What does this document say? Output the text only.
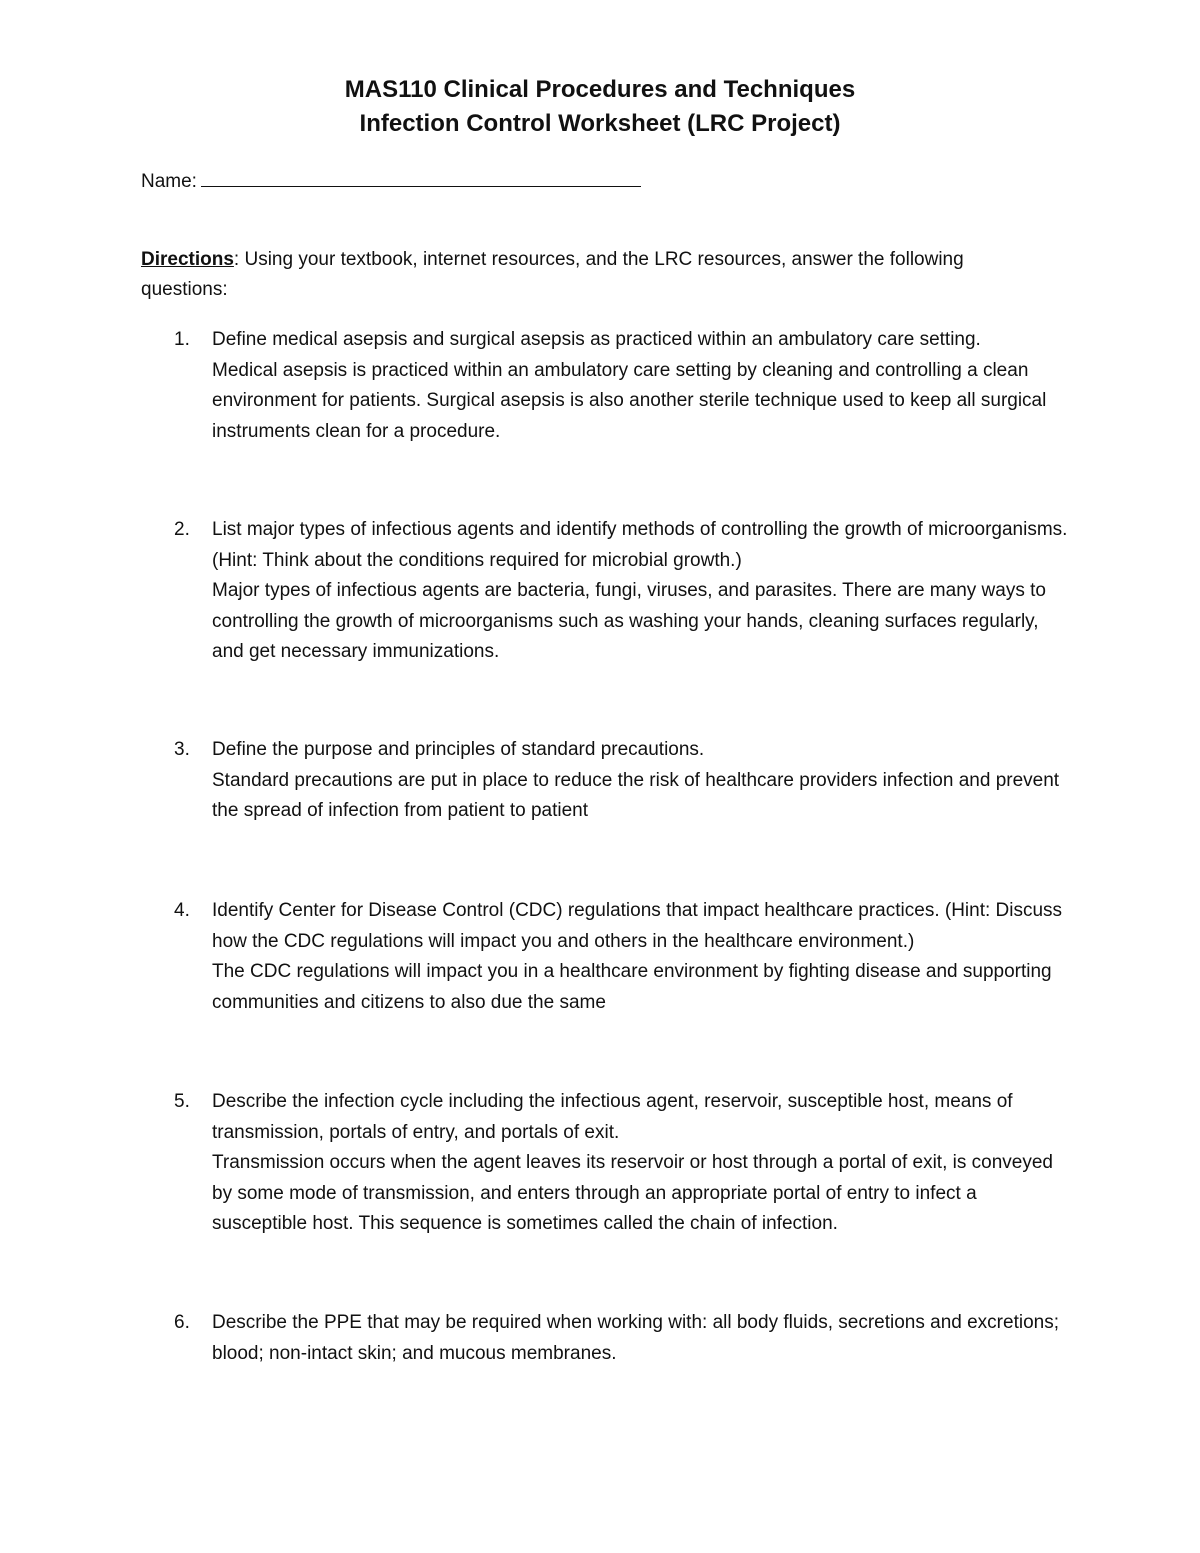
MAS110 Clinical Procedures and Techniques
Infection Control Worksheet (LRC Project)
Name:
Directions: Using your textbook, internet resources, and the LRC resources, answer the following questions:
1.	Define medical asepsis and surgical asepsis as practiced within an ambulatory care setting.
Medical asepsis is practiced within an ambulatory care setting by cleaning and controlling a clean environment for patients. Surgical asepsis is also another sterile technique used to keep all surgical instruments clean for a procedure.
2.	List major types of infectious agents and identify methods of controlling the growth of microorganisms. (Hint: Think about the conditions required for microbial growth.)
Major types of infectious agents are bacteria, fungi, viruses, and parasites. There are many ways to controlling the growth of microorganisms such as washing your hands, cleaning surfaces regularly, and get necessary immunizations.
3.	Define the purpose and principles of standard precautions.
Standard precautions are put in place to reduce the risk of healthcare providers infection and prevent the spread of infection from patient to patient
4.	Identify Center for Disease Control (CDC) regulations that impact healthcare practices. (Hint: Discuss how the CDC regulations will impact you and others in the healthcare environment.)
The CDC regulations will impact you in a healthcare environment by fighting disease and supporting communities and citizens to also due the same
5.	Describe the infection cycle including the infectious agent, reservoir, susceptible host, means of transmission, portals of entry, and portals of exit.
Transmission occurs when the agent leaves its reservoir or host through a portal of exit, is conveyed by some mode of transmission, and enters through an appropriate portal of entry to infect a susceptible host. This sequence is sometimes called the chain of infection.
6.	Describe the PPE that may be required when working with: all body fluids, secretions and excretions; blood; non-intact skin; and mucous membranes.
